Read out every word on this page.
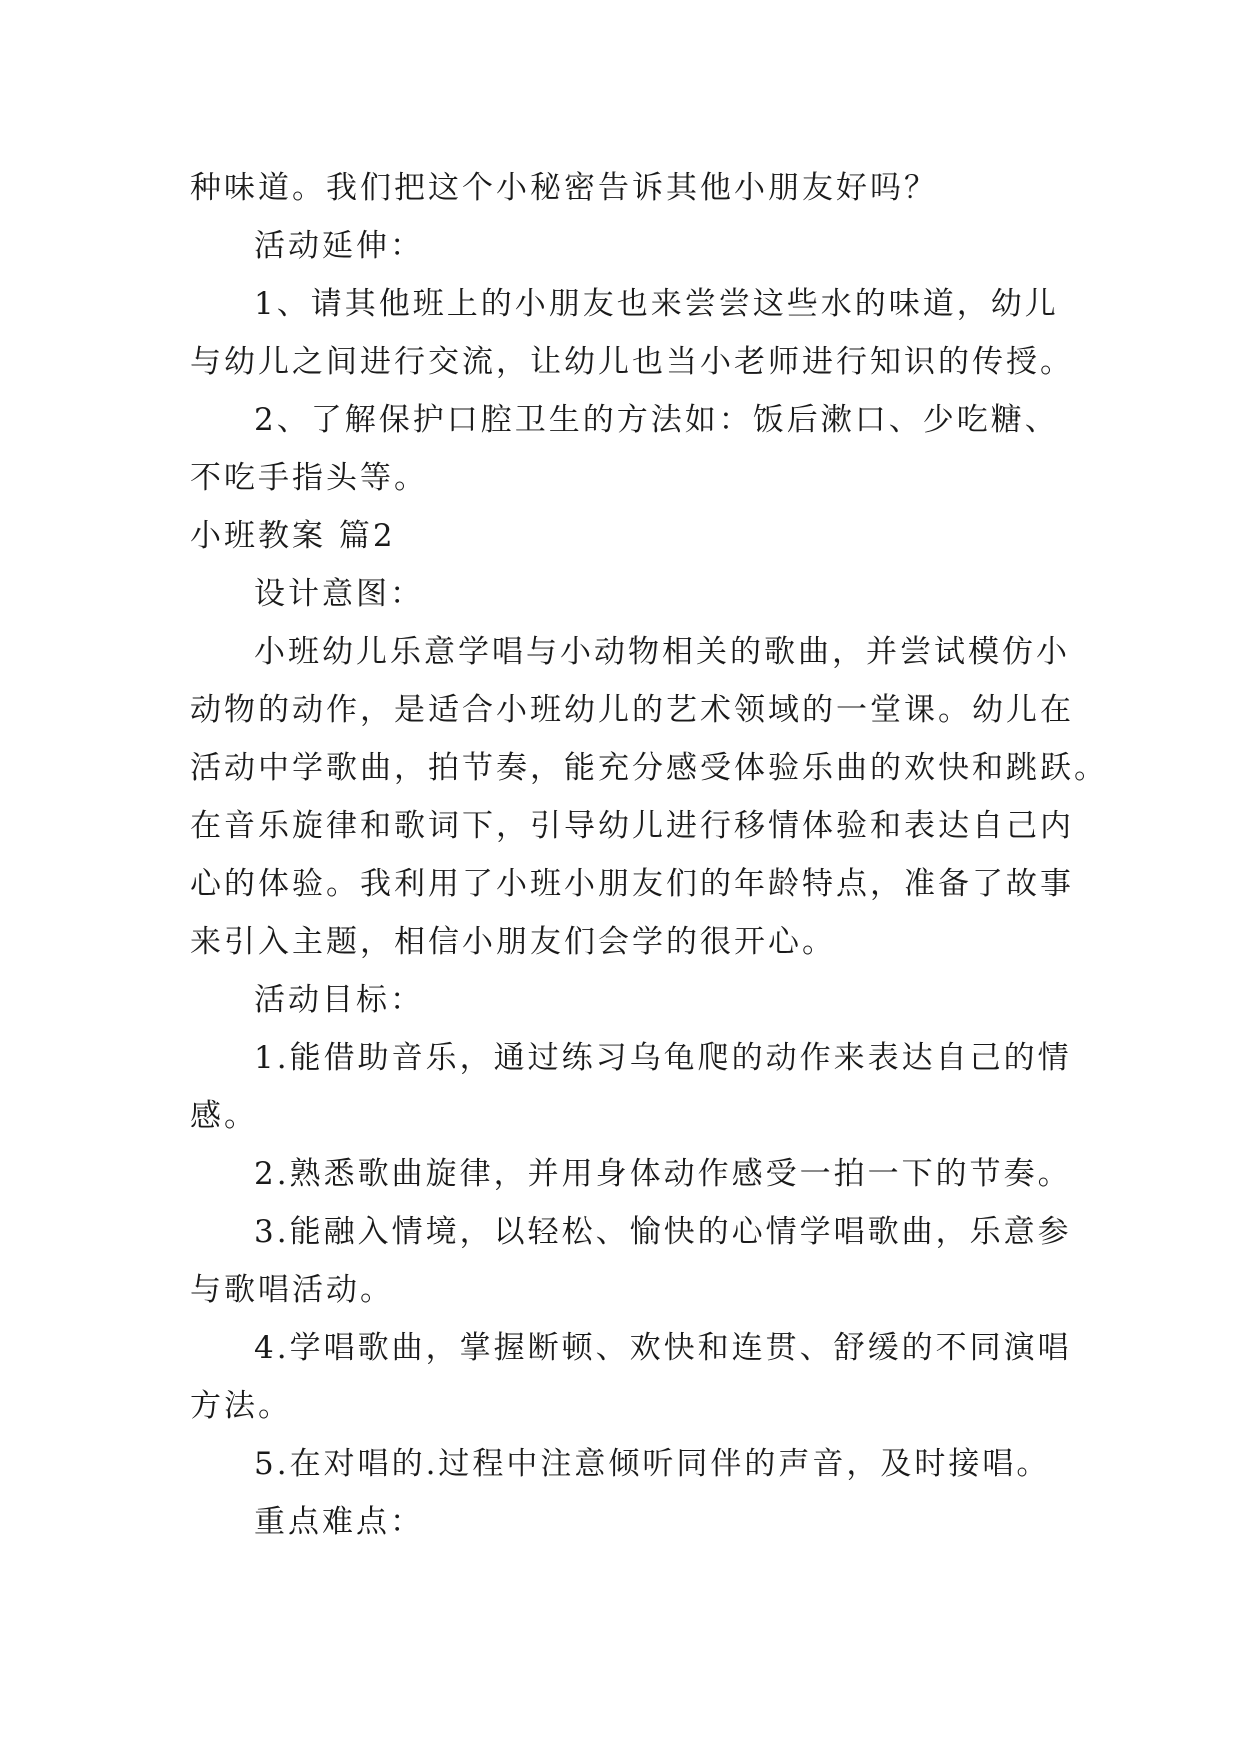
种味道。我们把这个小秘密告诉其他小朋友好吗？
活动延伸：
1、请其他班上的小朋友也来尝尝这些水的味道，幼儿
与幼儿之间进行交流，让幼儿也当小老师进行知识的传授。
2、了解保护口腔卫生的方法如：饭后漱口、少吃糖、
不吃手指头等。
小班教案 篇2
设计意图：
小班幼儿乐意学唱与小动物相关的歌曲，并尝试模仿小
动物的动作，是适合小班幼儿的艺术领域的一堂课。幼儿在
活动中学歌曲，拍节奏，能充分感受体验乐曲的欢快和跳跃。
在音乐旋律和歌词下，引导幼儿进行移情体验和表达自己内
心的体验。我利用了小班小朋友们的年龄特点，准备了故事
来引入主题，相信小朋友们会学的很开心。
活动目标：
1.能借助音乐，通过练习乌龟爬的动作来表达自己的情
感。
2.熟悉歌曲旋律，并用身体动作感受一拍一下的节奏。
3.能融入情境，以轻松、愉快的心情学唱歌曲，乐意参
与歌唱活动。
4.学唱歌曲，掌握断顿、欢快和连贯、舒缓的不同演唱
方法。
5.在对唱的.过程中注意倾听同伴的声音，及时接唱。
重点难点：
